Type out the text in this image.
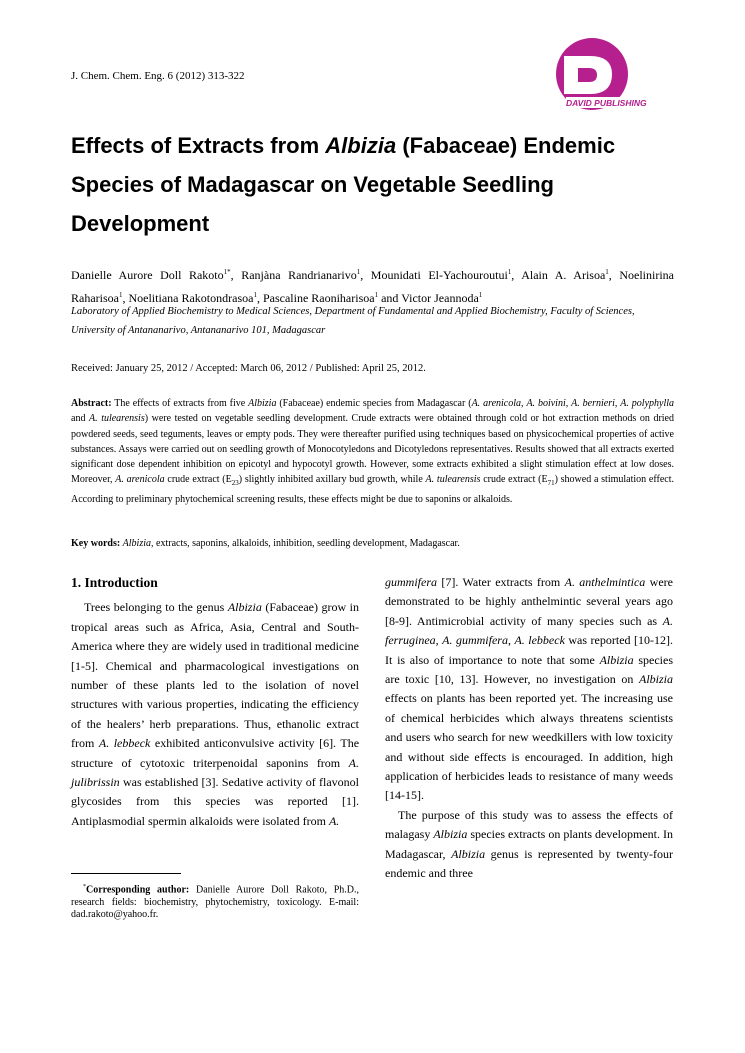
J. Chem. Chem. Eng. 6 (2012) 313-322
DAVID PUBLISHING
Effects of Extracts from Albizia (Fabaceae) Endemic Species of Madagascar on Vegetable Seedling Development
Danielle Aurore Doll Rakoto$^{1*}$, Ranjàna Randrianarivo$^1$, Mounidati El-Yachouroutui$^1$, Alain A. Arisoa$^1$, Noelinirina Raharisoa$^1$, Noelitiana Rakotondrasoa$^1$, Pascaline Raoniharisoa$^1$ and Victor Jeannoda$^1$
Laboratory of Applied Biochemistry to Medical Sciences, Department of Fundamental and Applied Biochemistry, Faculty of Sciences, University of Antananarivo, Antananarivo 101, Madagascar
Received: January 25, 2012 / Accepted: March 06, 2012 / Published: April 25, 2012.
Abstract: The effects of extracts from five Albizia (Fabaceae) endemic species from Madagascar (A. arenicola, A. boivini, A. bernieri, A. polyphylla and A. tulearensis) were tested on vegetable seedling development. Crude extracts were obtained through cold or hot extraction methods on dried powdered seeds, seed teguments, leaves or empty pods. They were thereafter purified using techniques based on physicochemical properties of active substances. Assays were carried out on seedling growth of Monocotyledons and Dicotyledons representatives. Results showed that all extracts exerted significant dose dependent inhibition on epicotyl and hypocotyl growth. However, some extracts exhibited a slight stimulation effect at low doses. Moreover, A. arenicola crude extract $(E_{23})$ slightly inhibited axillary bud growth, while A. tulearensis crude extract $(E_{71})$ showed a stimulation effect. According to preliminary phytochemical screening results, these effects might be due to saponins or alkaloids.
Key words: Albizia, extracts, saponins, alkaloids, inhibition, seedling development, Madagascar.
1. Introduction

Trees belonging to the genus Albizia (Fabaceae) grow in tropical areas such as Africa, Asia, Central and South-America where they are widely used in traditional medicine [1-5]. Chemical and pharmacological investigations on number of these plants led to the isolation of novel structures with various properties, indicating the efficiency of the healers’ herb preparations. Thus, ethanolic extract from A. lebbeck exhibited anticonvulsive activity [6]. The structure of cytotoxic triterpenoidal saponins from A. julibrissin was established [3]. Sedative activity of flavonol glycosides from this species was reported [1]. Antiplasmodial spermin alkaloids were isolated from A.

gummifera [7]. Water extracts from A. anthelmintica were demonstrated to be highly anthelmintic several years ago [8-9]. Antimicrobial activity of many species such as A. ferruginea, A. gummifera, A. lebbeck was reported [10-12]. It is also of importance to note that some Albizia species are toxic [10, 13]. However, no investigation on Albizia effects on plants has been reported yet. The increasing use of chemical herbicides which always threatens scientists and users who search for new weedkillers with low toxicity and without side effects is encouraged. In addition, high application of herbicides leads to resistance of many weeds [14-15].

The purpose of this study was to assess the effects of malagasy Albizia species extracts on plants development. In Madagascar, Albizia genus is represented by twenty-four endemic and three

*Corresponding author: Danielle Aurore Doll Rakoto, Ph.D., research fields: biochemistry, phytochemistry, toxicology. E-mail: dad.rakoto@yahoo.fr.
